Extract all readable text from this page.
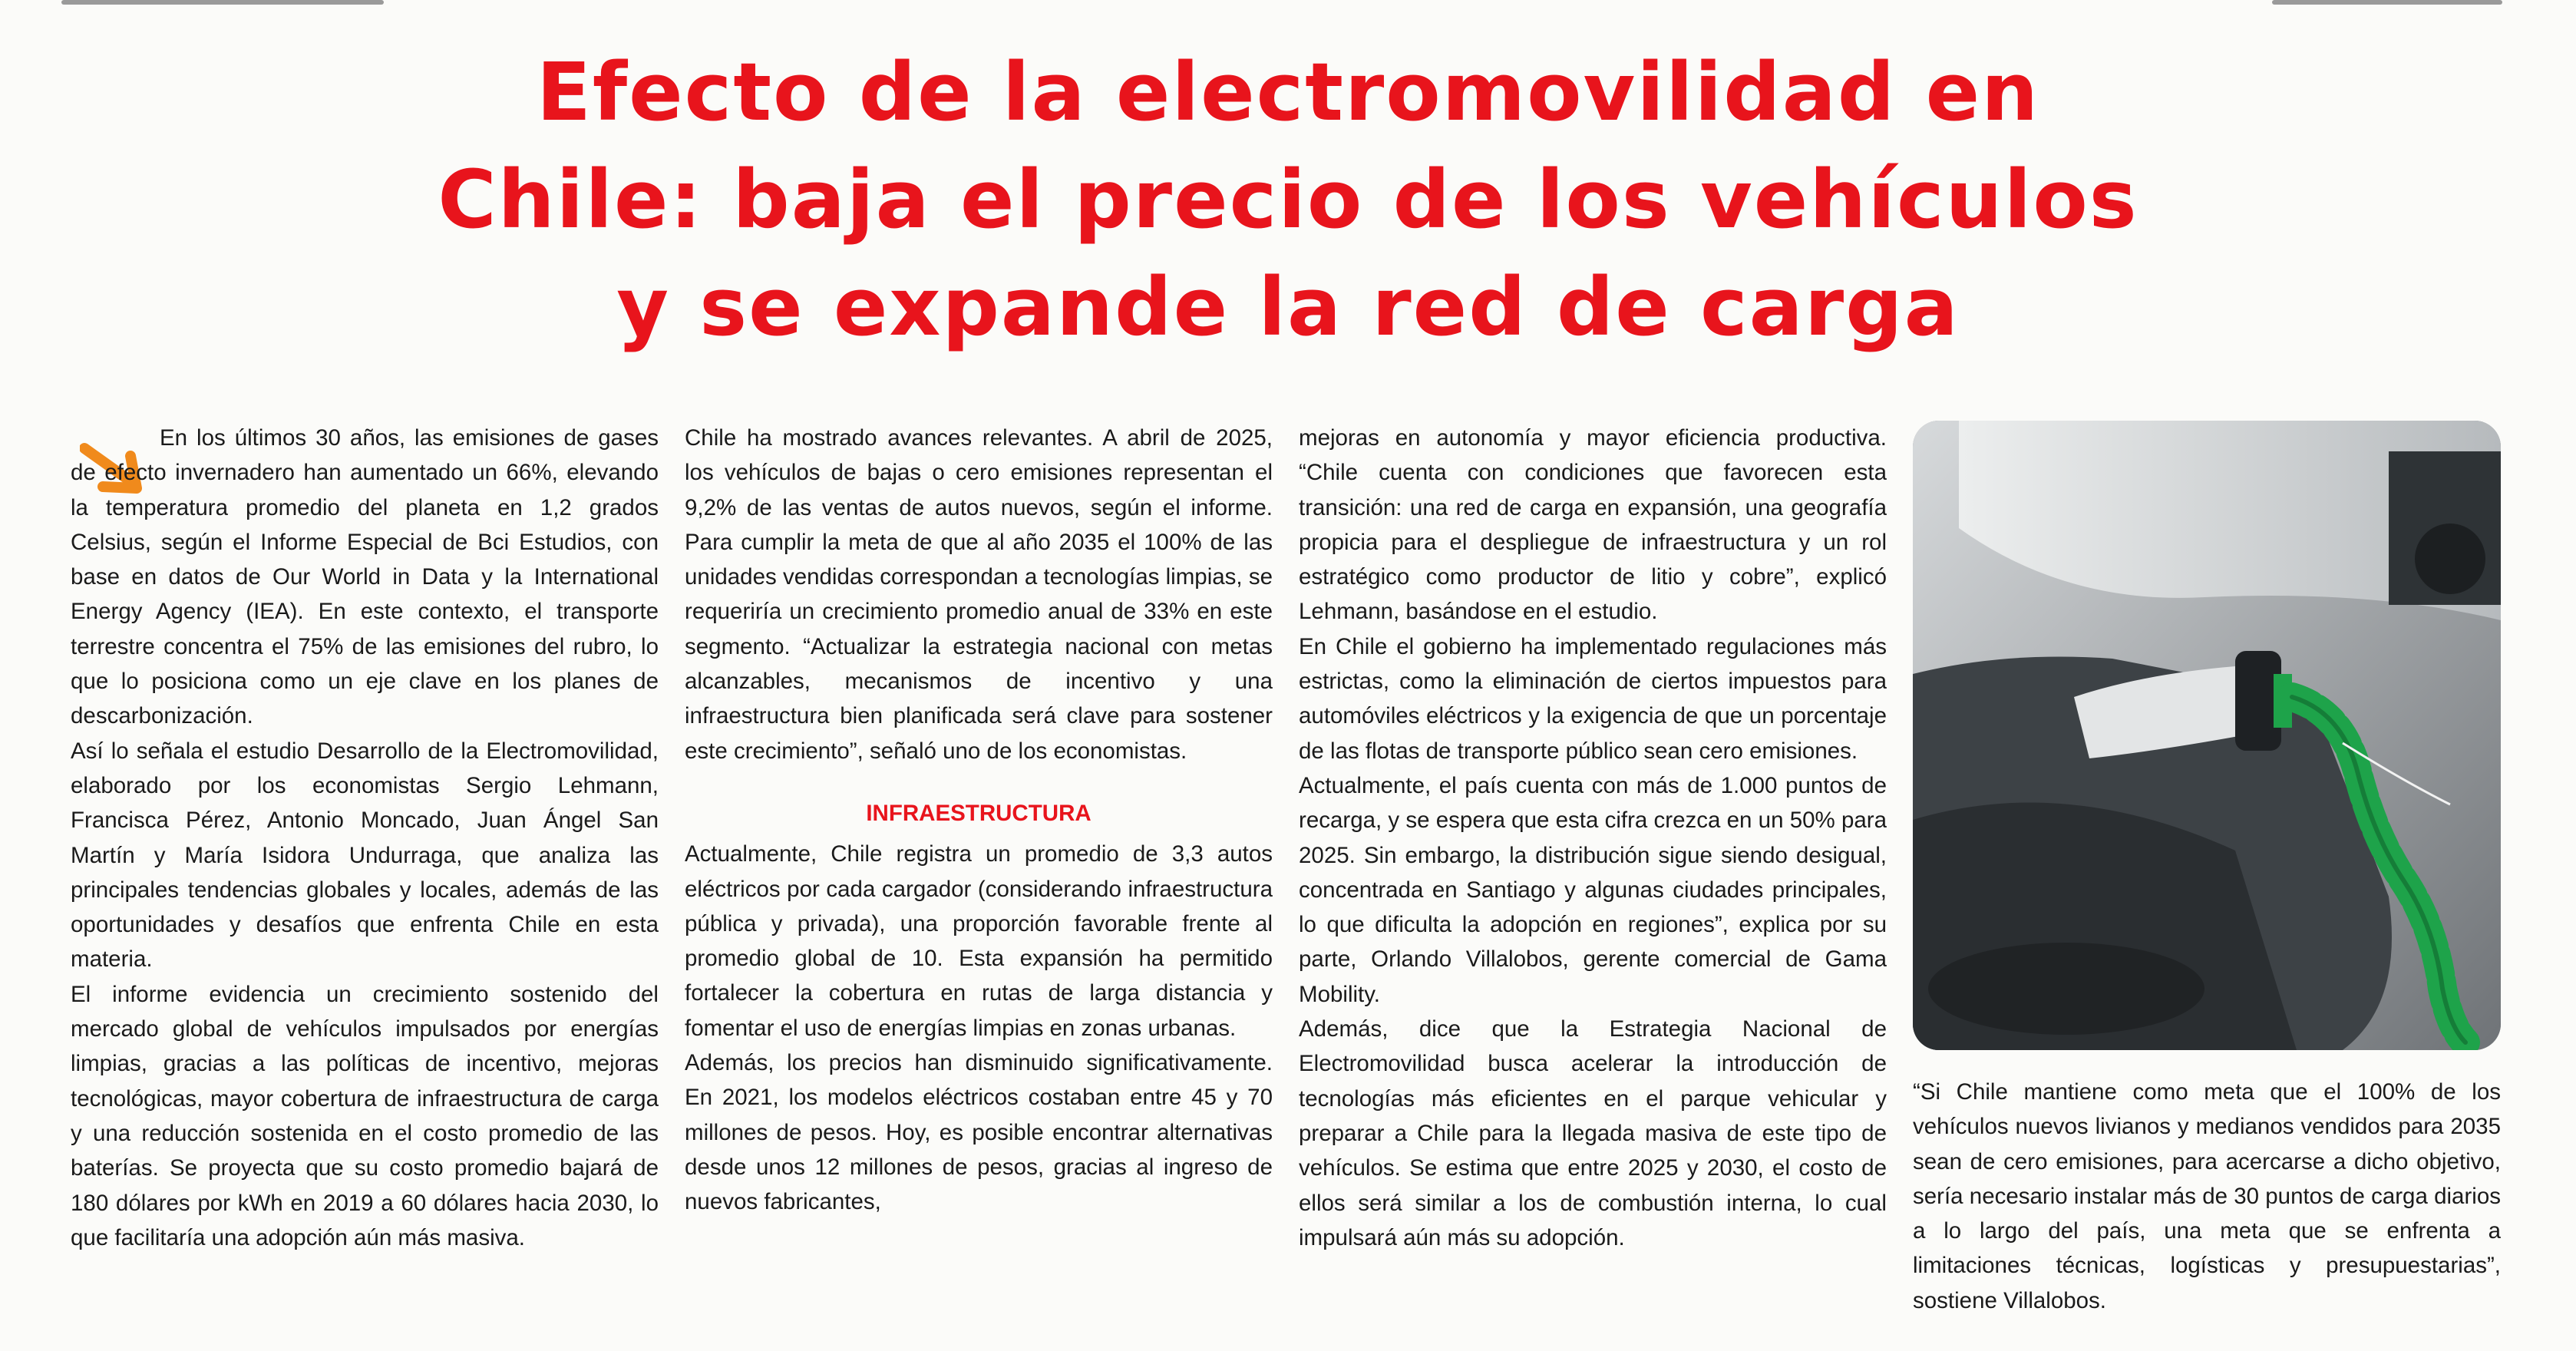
Efecto de la electromovilidad en
Chile: baja el precio de los vehículos
y se expande la red de carga

En los últimos 30 años, las emisiones de gases de efecto invernadero han aumentado un 66%, elevando la temperatura promedio del planeta en 1,2 grados Celsius, según el Informe Especial de Bci Estudios, con base en datos de Our World in Data y la International Energy Agency (IEA). En este contexto, el transporte terrestre concentra el 75% de las emisiones del rubro, lo que lo posiciona como un eje clave en los planes de descarbonización.

Así lo señala el estudio Desarrollo de la Electromovilidad, elaborado por los economistas Sergio Lehmann, Francisca Pérez, Antonio Moncado, Juan Ángel San Martín y María Isidora Undurraga, que analiza las principales tendencias globales y locales, además de las oportunidades y desafíos que enfrenta Chile en esta materia.

El informe evidencia un crecimiento sostenido del mercado global de vehículos impulsados por energías limpias, gracias a las políticas de incentivo, mejoras tecnológicas, mayor cobertura de infraestructura de carga y una reducción sostenida en el costo promedio de las baterías. Se proyecta que su costo promedio bajará de 180 dólares por kWh en 2019 a 60 dólares hacia 2030, lo que facilitaría una adopción aún más masiva.

Chile ha mostrado avances relevantes. A abril de 2025, los vehículos de bajas o cero emisiones representan el 9,2% de las ventas de autos nuevos, según el informe. Para cumplir la meta de que al año 2035 el 100% de las unidades vendidas correspondan a tecnologías limpias, se requeriría un crecimiento promedio anual de 33% en este segmento. “Actualizar la estrategia nacional con metas alcanzables, mecanismos de incentivo y una infraestructura bien planificada será clave para sostener este crecimiento”, señaló uno de los economistas.

INFRAESTRUCTURA

Actualmente, Chile registra un promedio de 3,3 autos eléctricos por cada cargador (considerando infraestructura pública y privada), una proporción favorable frente al promedio global de 10. Esta expansión ha permitido fortalecer la cobertura en rutas de larga distancia y fomentar el uso de energías limpias en zonas urbanas.

Además, los precios han disminuido significativamente. En 2021, los modelos eléctricos costaban entre 45 y 70 millones de pesos. Hoy, es posible encontrar alternativas desde unos 12 millones de pesos, gracias al ingreso de nuevos fabricantes,

mejoras en autonomía y mayor eficiencia productiva. “Chile cuenta con condiciones que favorecen esta transición: una red de carga en expansión, una geografía propicia para el despliegue de infraestructura y un rol estratégico como productor de litio y cobre”, explicó Lehmann, basándose en el estudio.

En Chile el gobierno ha implementado regulaciones más estrictas, como la eliminación de ciertos impuestos para automóviles eléctricos y la exigencia de que un porcentaje de las flotas de transporte público sean cero emisiones.

Actualmente, el país cuenta con más de 1.000 puntos de recarga, y se espera que esta cifra crezca en un 50% para 2025. Sin embargo, la distribución sigue siendo desigual, concentrada en Santiago y algunas ciudades principales, lo que dificulta la adopción en regiones”, explica por su parte, Orlando Villalobos, gerente comercial de Gama Mobility.

Además, dice que la Estrategia Nacional de Electromovilidad busca acelerar la introducción de tecnologías más eficientes en el parque vehicular y preparar a Chile para la llegada masiva de este tipo de vehículos. Se estima que entre 2025 y 2030, el costo de ellos será similar a los de combustión interna, lo cual impulsará aún más su adopción.

“Si Chile mantiene como meta que el 100% de los vehículos nuevos livianos y medianos vendidos para 2035 sean de cero emisiones, para acercarse a dicho objetivo, sería necesario instalar más de 30 puntos de carga diarios a lo largo del país, una meta que se enfrenta a limitaciones técnicas, logísticas y presupuestarias”, sostiene Villalobos.
